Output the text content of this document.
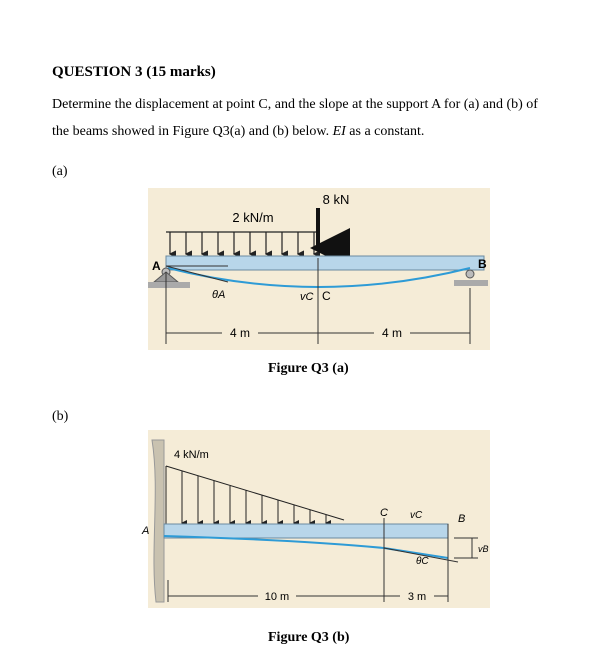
QUESTION 3 (15 marks)
Determine the displacement at point C, and the slope at the support A for (a) and (b) of
the beams showed in Figure Q3(a) and (b) below. EI as a constant.
(a)
(b)
8 kN
2 kN/m
A	B
C
vC
θA
4 m	4 m
Figure Q3 (a)
4 kN/m
A
C vC	B
vB
θC
10 m	3 m
Figure Q3 (b)
